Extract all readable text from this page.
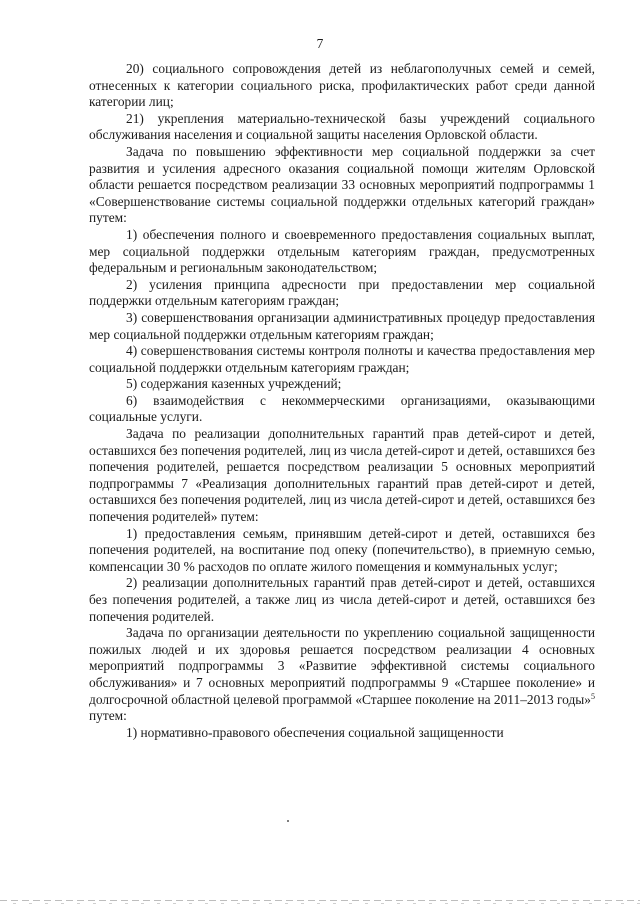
7

20) социального сопровождения детей из неблагополучных семей и семей, отнесенных к категории социального риска, профилактических работ среди данной категории лиц;

21) укрепления материально-технической базы учреждений социального обслуживания населения и социальной защиты населения Орловской области.

Задача по повышению эффективности мер социальной поддержки за счет развития и усиления адресного оказания социальной помощи жителям Орловской области решается посредством реализации 33 основных мероприятий подпрограммы 1 «Совершенствование системы социальной поддержки отдельных категорий граждан» путем:

1) обеспечения полного и своевременного предоставления социальных выплат, мер социальной поддержки отдельным категориям граждан, предусмотренных федеральным и региональным законодательством;

2) усиления принципа адресности при предоставлении мер социальной поддержки отдельным категориям граждан;

3) совершенствования организации административных процедур предоставления мер социальной поддержки отдельным категориям граждан;

4) совершенствования системы контроля полноты и качества предоставления мер социальной поддержки отдельным категориям граждан;

5) содержания казенных учреждений;

6) взаимодействия с некоммерческими организациями, оказывающими социальные услуги.

Задача по реализации дополнительных гарантий прав детей-сирот и детей, оставшихся без попечения родителей, лиц из числа детей-сирот и детей, оставшихся без попечения родителей, решается посредством реализации 5 основных мероприятий подпрограммы 7 «Реализация дополнительных гарантий прав детей-сирот и детей, оставшихся без попечения родителей, лиц из числа детей-сирот и детей, оставшихся без попечения родителей» путем:

1) предоставления семьям, принявшим детей-сирот и детей, оставшихся без попечения родителей, на воспитание под опеку (попечительство), в приемную семью, компенсации 30 % расходов по оплате жилого помещения и коммунальных услуг;

2) реализации дополнительных гарантий прав детей-сирот и детей, оставшихся без попечения родителей, а также лиц из числа детей-сирот и детей, оставшихся без попечения родителей.

Задача по организации деятельности по укреплению социальной защищенности пожилых людей и их здоровья решается посредством реализации 4 основных мероприятий подпрограммы 3 «Развитие эффективной системы социального обслуживания» и 7 основных мероприятий подпрограммы 9 «Старшее поколение» и долгосрочной областной целевой программой «Старшее поколение на 2011–2013 годы»$^5$ путем:

1) нормативно-правового обеспечения социальной защищенности
